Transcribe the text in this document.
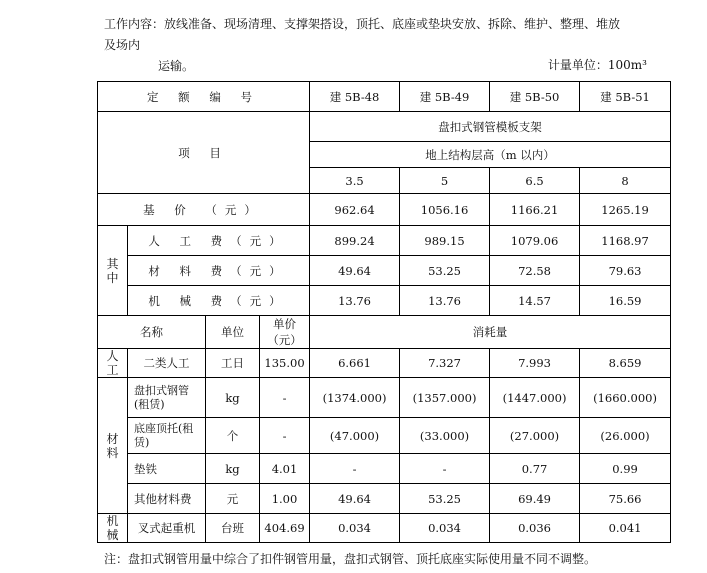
工作内容：放线准备、现场清理、支撑架搭设，顶托、底座或垫块安放、拆除、维护、整理、堆放及场内
运输。	计量单位：100m³
定 额 编 号				建 5B-48	建 5B-49	建 5B-50	建 5B-51
项 目				盘扣式钢管模板支架			
				地上结构层高（m 以内）			
				3.5	5	6.5	8
基 价 （元）				962.64	1056.16	1166.21	1265.19
其中	人 工 费（元）			899.24	989.15	1079.06	1168.97
	材 料 费（元）			49.64	53.25	72.58	79.63
	机 械 费（元）			13.76	13.76	14.57	16.59
名称		单位	单价（元）	消耗量			
人工	二类人工	工日	135.00	6.661	7.327	7.993	8.659
材料	盘扣式钢管(租赁)	kg	-	(1374.000)	(1357.000)	(1447.000)	(1660.000)
	底座顶托(租赁)	个	-	(47.000)	(33.000)	(27.000)	(26.000)
	垫铁	kg	4.01	-	-	0.77	0.99
	其他材料费	元	1.00	49.64	53.25	69.49	75.66
机械	叉式起重机	台班	404.69	0.034	0.034	0.036	0.041
注：盘扣式钢管用量中综合了扣件钢管用量，盘扣式钢管、顶托底座实际使用量不同不调整。
